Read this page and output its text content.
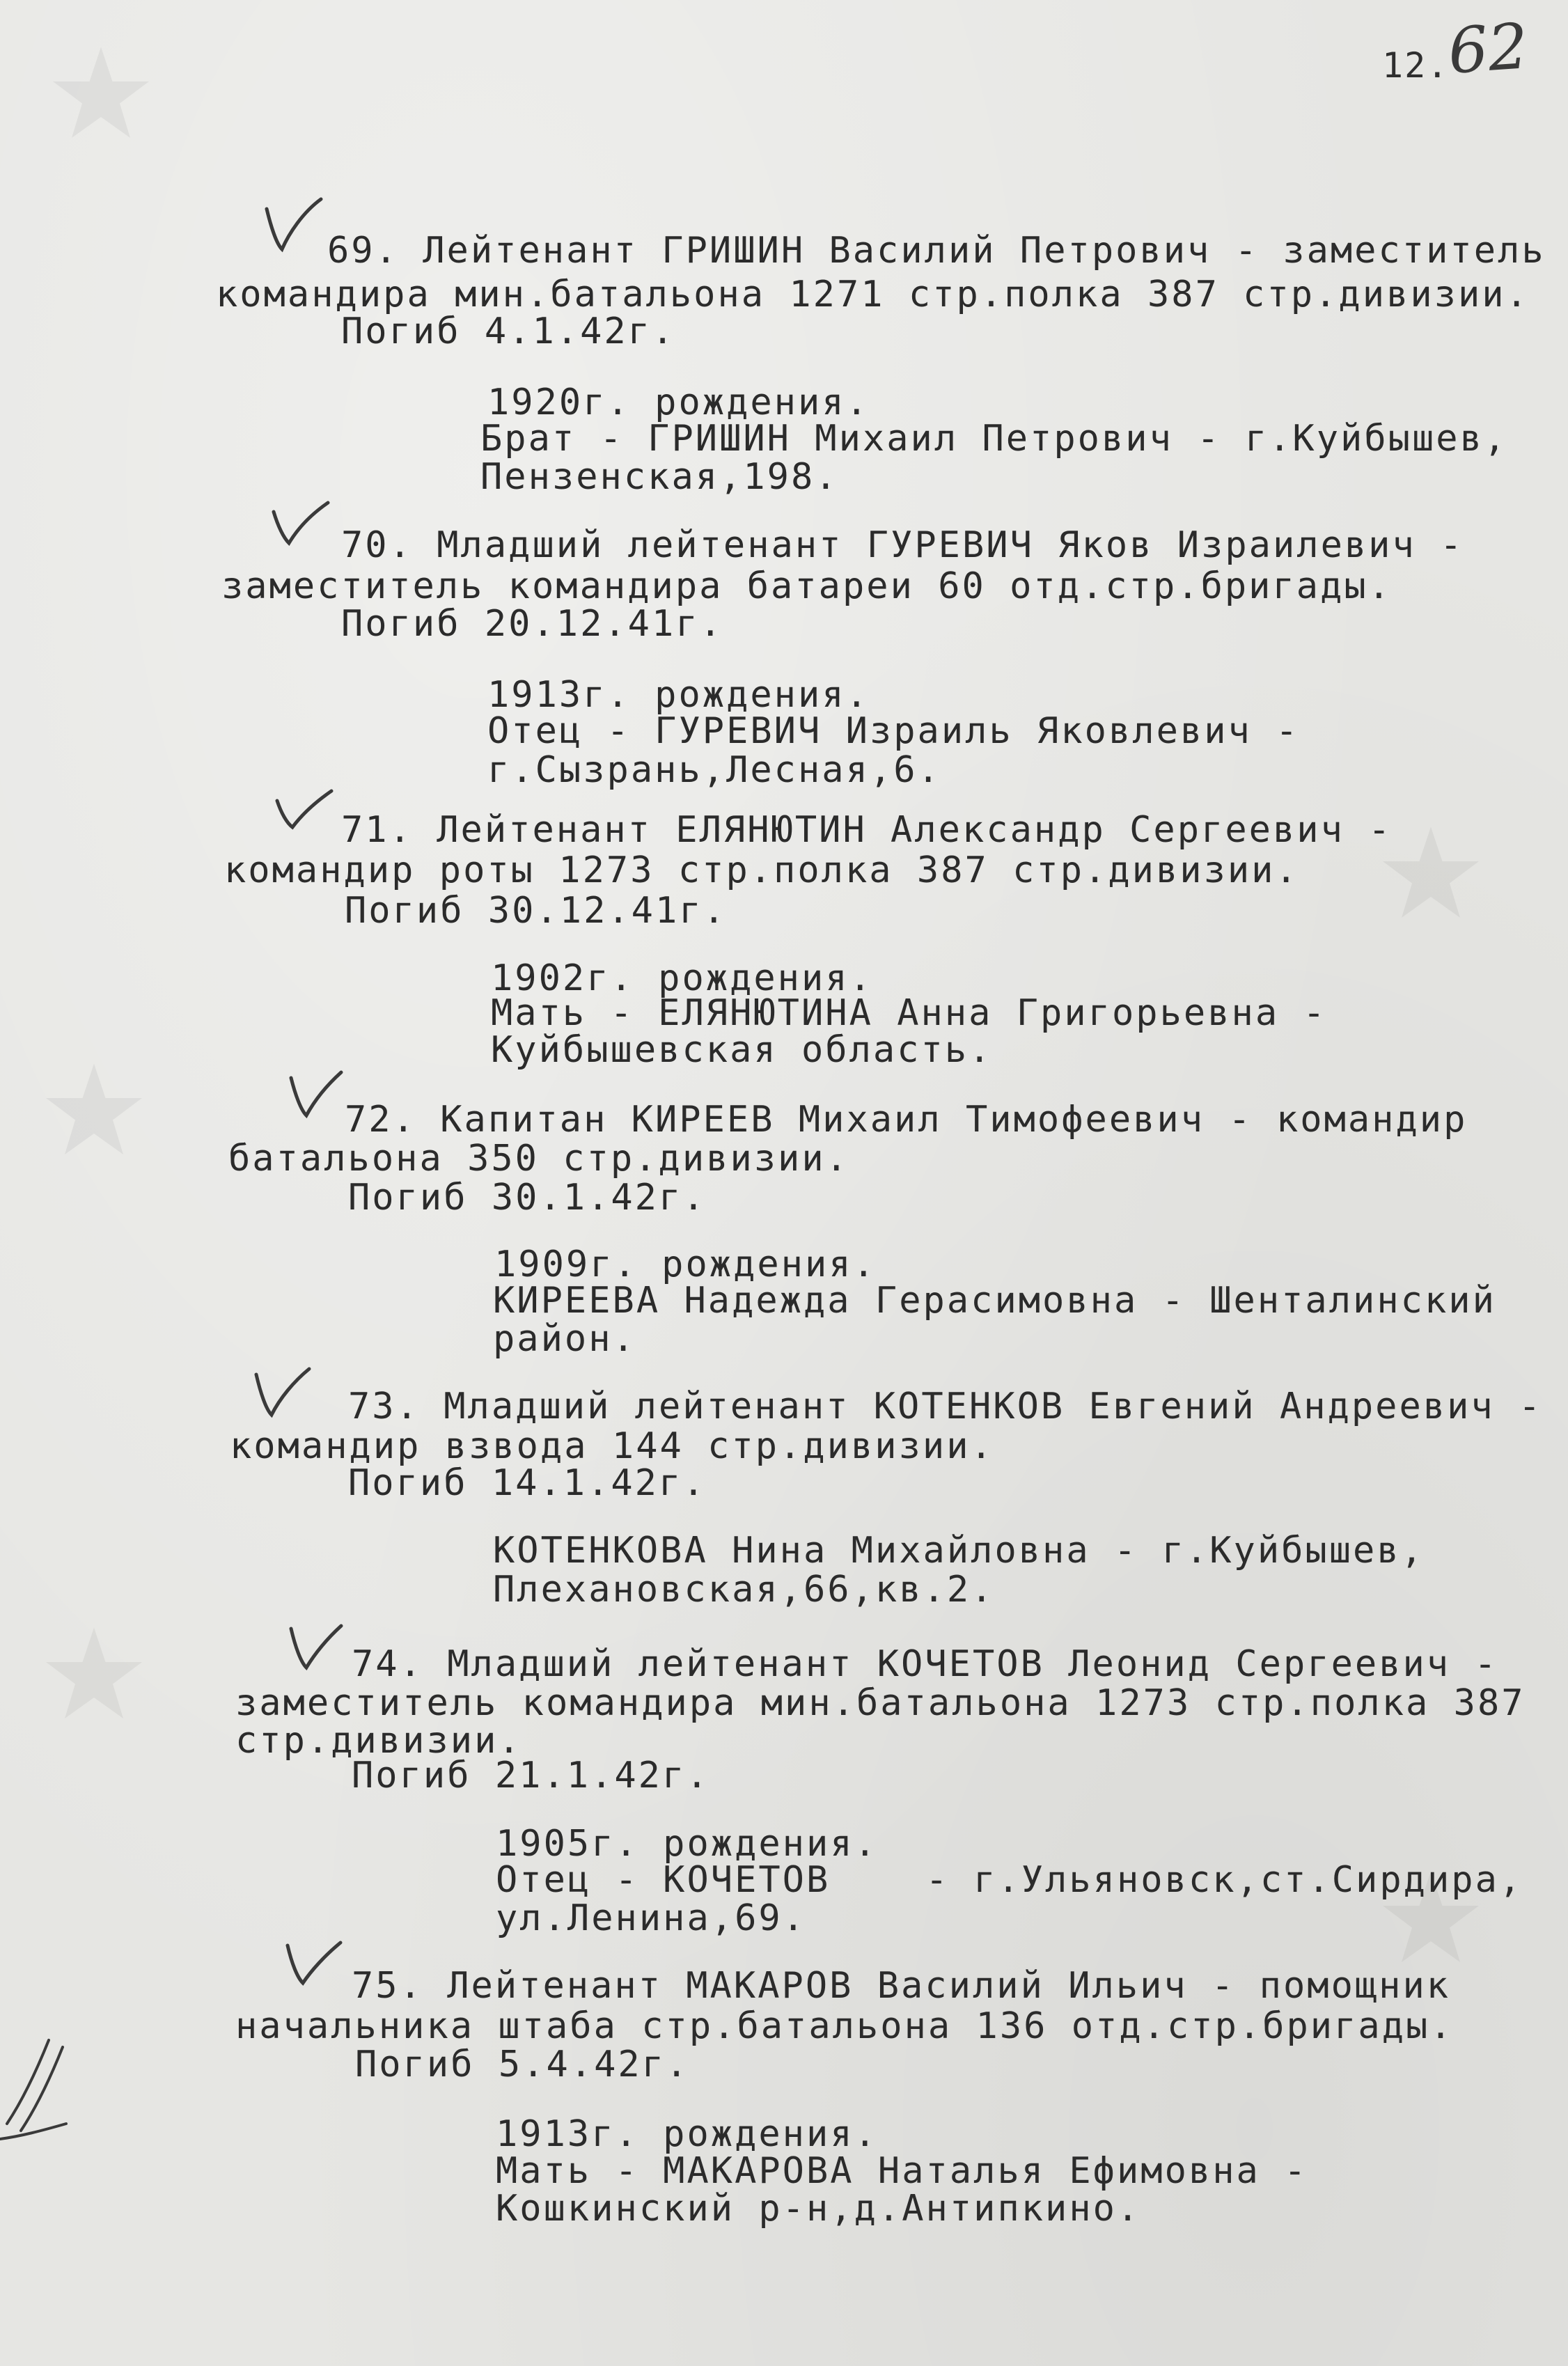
12.
62
69. Лейтенант ГРИШИН Василий Петрович - заместитель
командира мин.батальона 1271 стр.полка 387 стр.дивизии.
Погиб 4.1.42г.
1920г. рождения.
Брат - ГРИШИН Михаил Петрович - г.Куйбышев,
Пензенская,198.
70. Младший лейтенант ГУРЕВИЧ Яков Израилевич -
заместитель командира батареи 60 отд.стр.бригады.
Погиб 20.12.41г.
1913г. рождения.
Отец - ГУРЕВИЧ Израиль Яковлевич -
г.Сызрань,Лесная,6.
71. Лейтенант ЕЛЯНЮТИН Александр Сергеевич -
командир роты 1273 стр.полка 387 стр.дивизии.
Погиб 30.12.41г.
1902г. рождения.
Мать - ЕЛЯНЮТИНА Анна Григорьевна -
Куйбышевская область.
72. Капитан КИРЕЕВ Михаил Тимофеевич - командир
батальона 350 стр.дивизии.
Погиб 30.1.42г.
1909г. рождения.
КИРЕЕВА Надежда Герасимовна - Шенталинский
район.
73. Младший лейтенант КОТЕНКОВ Евгений Андреевич -
командир взвода 144 стр.дивизии.
Погиб 14.1.42г.
КОТЕНКОВА Нина Михайловна - г.Куйбышев,
Плехановская,66,кв.2.
74. Младший лейтенант КОЧЕТОВ Леонид Сергеевич -
заместитель командира мин.батальона 1273 стр.полка 387
стр.дивизии.
Погиб 21.1.42г.
1905г. рождения.
Отец - КОЧЕТОВ    - г.Ульяновск,ст.Сирдира,
ул.Ленина,69.
75. Лейтенант МАКАРОВ Василий Ильич - помощник
начальника штаба стр.батальона 136 отд.стр.бригады.
Погиб 5.4.42г.
1913г. рождения.
Мать - МАКАРОВА Наталья Ефимовна -
Кошкинский р-н,д.Антипкино.
